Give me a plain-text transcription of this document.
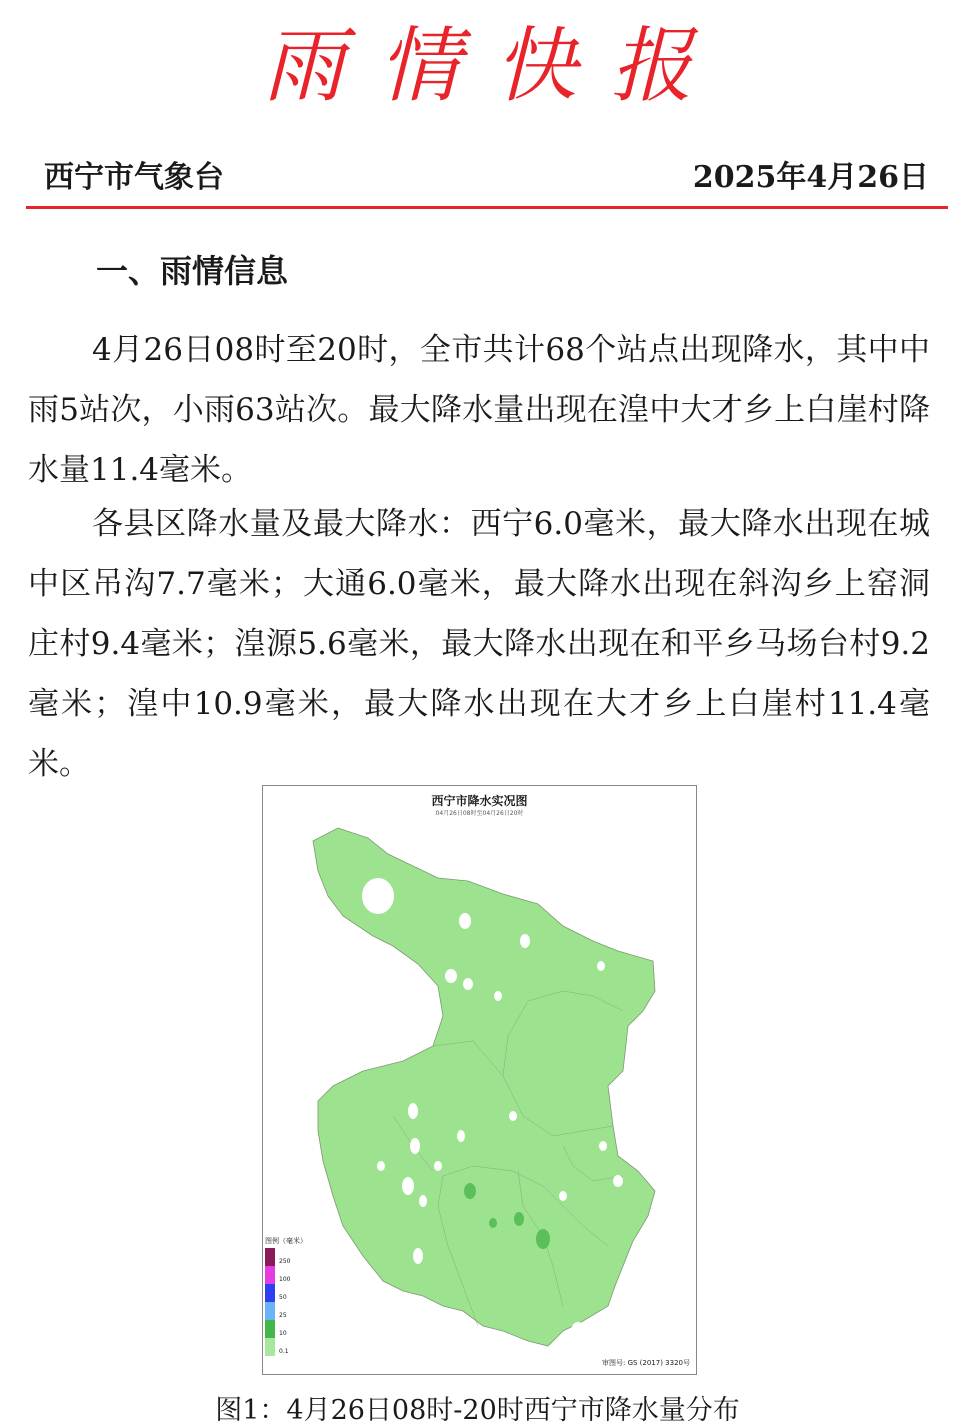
雨情快报
西宁市气象台	2025年4月26日
一、雨情信息
4月26日08时至20时，全市共计68个站点出现降水，其中中雨5站次，小雨63站次。最大降水量出现在湟中大才乡上白崖村降水量11.4毫米。
各县区降水量及最大降水：西宁6.0毫米，最大降水出现在城中区吊沟7.7毫米；大通6.0毫米，最大降水出现在斜沟乡上窑洞庄村9.4毫米；湟源5.6毫米，最大降水出现在和平乡马场台村9.2毫米；湟中10.9毫米，最大降水出现在大才乡上白崖村11.4毫米。
西宁市降水实况图
04月26日08时至04月26日20时
图例（毫米）
250
100
50
25
10
0.1
审图号: GS (2017) 3320号
图1：4月26日08时-20时西宁市降水量分布
